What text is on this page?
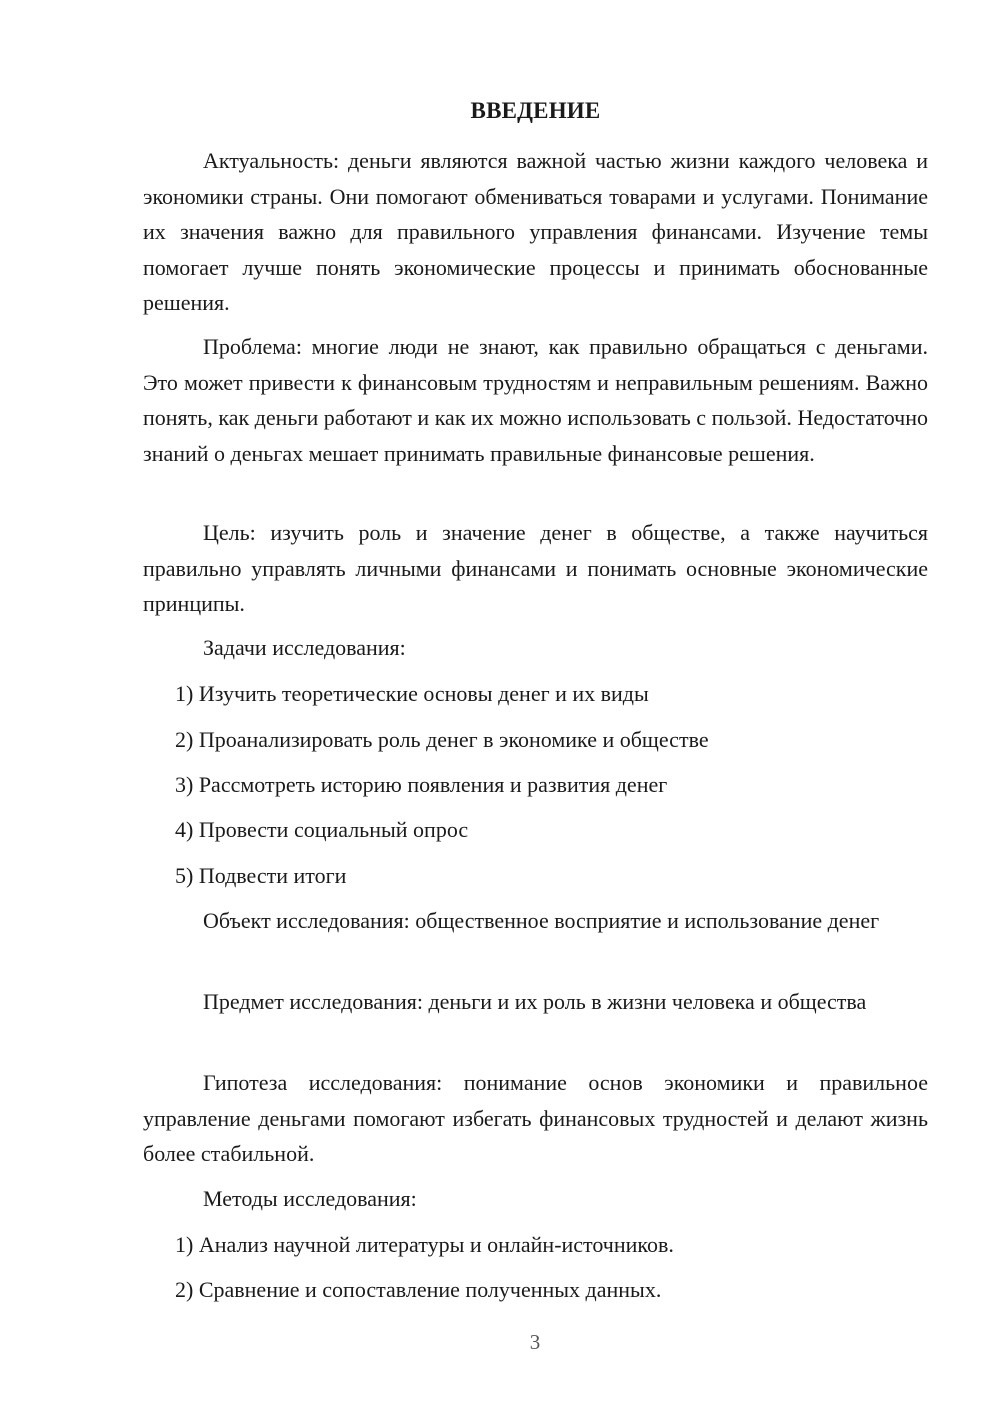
ВВЕДЕНИЕ

Актуальность: деньги являются важной частью жизни каждого человека и экономики страны. Они помогают обмениваться товарами и услугами. Понимание их значения важно для правильного управления финансами. Изучение темы помогает лучше понять экономические процессы и принимать обоснованные решения.

Проблема: многие люди не знают, как правильно обращаться с деньгами. Это может привести к финансовым трудностям и неправильным решениям. Важно понять, как деньги работают и как их можно использовать с пользой. Недостаточно знаний о деньгах мешает принимать правильные финансовые решения.

Цель: изучить роль и значение денег в обществе, а также научиться правильно управлять личными финансами и понимать основные экономические принципы.

Задачи исследования:

1) Изучить теоретические основы денег и их виды

2) Проанализировать роль денег в экономике и обществе

3) Рассмотреть историю появления и развития денег

4) Провести социальный опрос

5) Подвести итоги

Объект исследования: общественное восприятие и использование денег

Предмет исследования: деньги и их роль в жизни человека и общества

Гипотеза исследования: понимание основ экономики и правильное управление деньгами помогают избегать финансовых трудностей и делают жизнь более стабильной.

Методы исследования:

1) Анализ научной литературы и онлайн-источников.

2) Сравнение и сопоставление полученных данных.

3
